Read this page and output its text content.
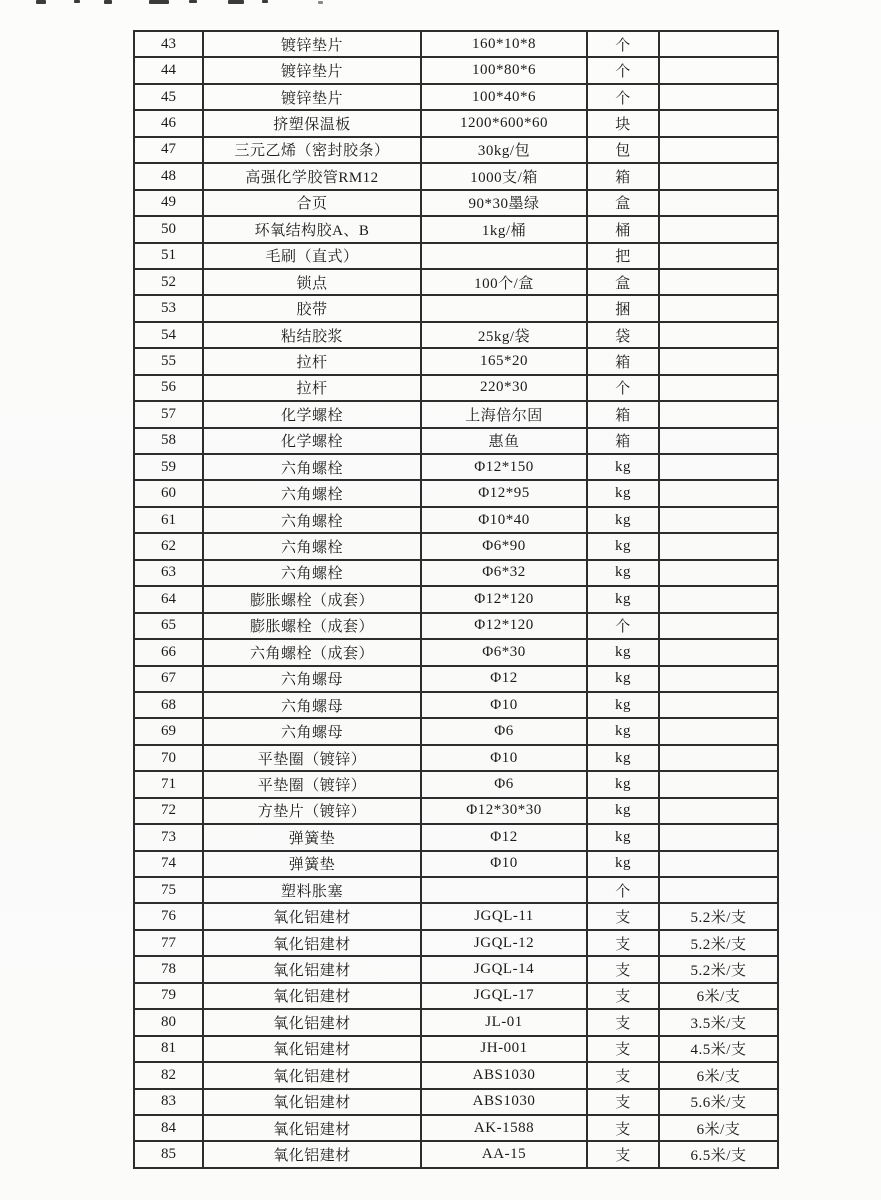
43	镀锌垫片	160*10*8	个	
44	镀锌垫片	100*80*6	个	
45	镀锌垫片	100*40*6	个	
46	挤塑保温板	1200*600*60	块	
47	三元乙烯（密封胶条）	30kg/包	包	
48	高强化学胶管RM12	1000支/箱	箱	
49	合页	90*30墨绿	盒	
50	环氧结构胶A、B	1kg/桶	桶	
51	毛刷（直式）		把	
52	锁点	100个/盒	盒	
53	胶带		捆	
54	粘结胶浆	25kg/袋	袋	
55	拉杆	165*20	箱	
56	拉杆	220*30	个	
57	化学螺栓	上海倍尔固	箱	
58	化学螺栓	惠鱼	箱	
59	六角螺栓	Φ12*150	kg	
60	六角螺栓	Φ12*95	kg	
61	六角螺栓	Φ10*40	kg	
62	六角螺栓	Φ6*90	kg	
63	六角螺栓	Φ6*32	kg	
64	膨胀螺栓（成套）	Φ12*120	kg	
65	膨胀螺栓（成套）	Φ12*120	个	
66	六角螺栓（成套）	Φ6*30	kg	
67	六角螺母	Φ12	kg	
68	六角螺母	Φ10	kg	
69	六角螺母	Φ6	kg	
70	平垫圈（镀锌）	Φ10	kg	
71	平垫圈（镀锌）	Φ6	kg	
72	方垫片（镀锌）	Φ12*30*30	kg	
73	弹簧垫	Φ12	kg	
74	弹簧垫	Φ10	kg	
75	塑料胀塞		个	
76	氧化铝建材	JGQL-11	支	5.2米/支
77	氧化铝建材	JGQL-12	支	5.2米/支
78	氧化铝建材	JGQL-14	支	5.2米/支
79	氧化铝建材	JGQL-17	支	6米/支
80	氧化铝建材	JL-01	支	3.5米/支
81	氧化铝建材	JH-001	支	4.5米/支
82	氧化铝建材	ABS1030	支	6米/支
83	氧化铝建材	ABS1030	支	5.6米/支
84	氧化铝建材	AK-1588	支	6米/支
85	氧化铝建材	AA-15	支	6.5米/支
